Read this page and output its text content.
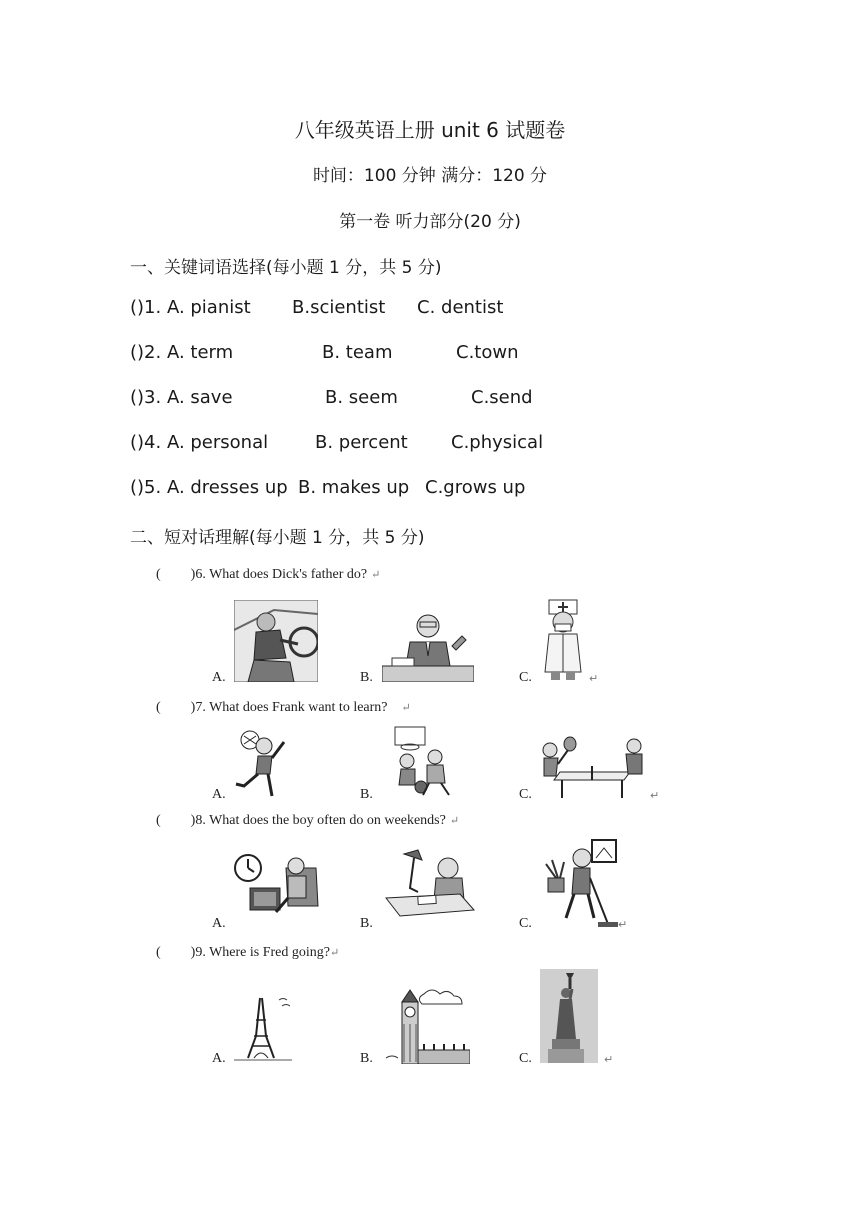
八年级英语上册 unit 6 试题卷
时间：100 分钟 满分：120 分
第一卷 听力部分(20 分)
一、关键词语选择(每小题 1 分，共 5 分)
()1. A. pianist B.scientist C. dentist
()2. A. term	B. team	C.town
()3. A. save	B. seem	C.send
()4. A. personal	B. percent C.physical
()5. A. dresses up B. makes up C.grows up
二、短对话理解(每小题 1 分，共 5 分)
( )6. What does Dick's father do? ↵
A.	B.	C.	↵
( )7. What does Frank want to learn? ↵
A.	B.	C.	↵
( )8. What does the boy often do on weekends? ↵
A.	B.	C.	↵
( )9. Where is Fred going?↵
A.	B.	C.	↵
